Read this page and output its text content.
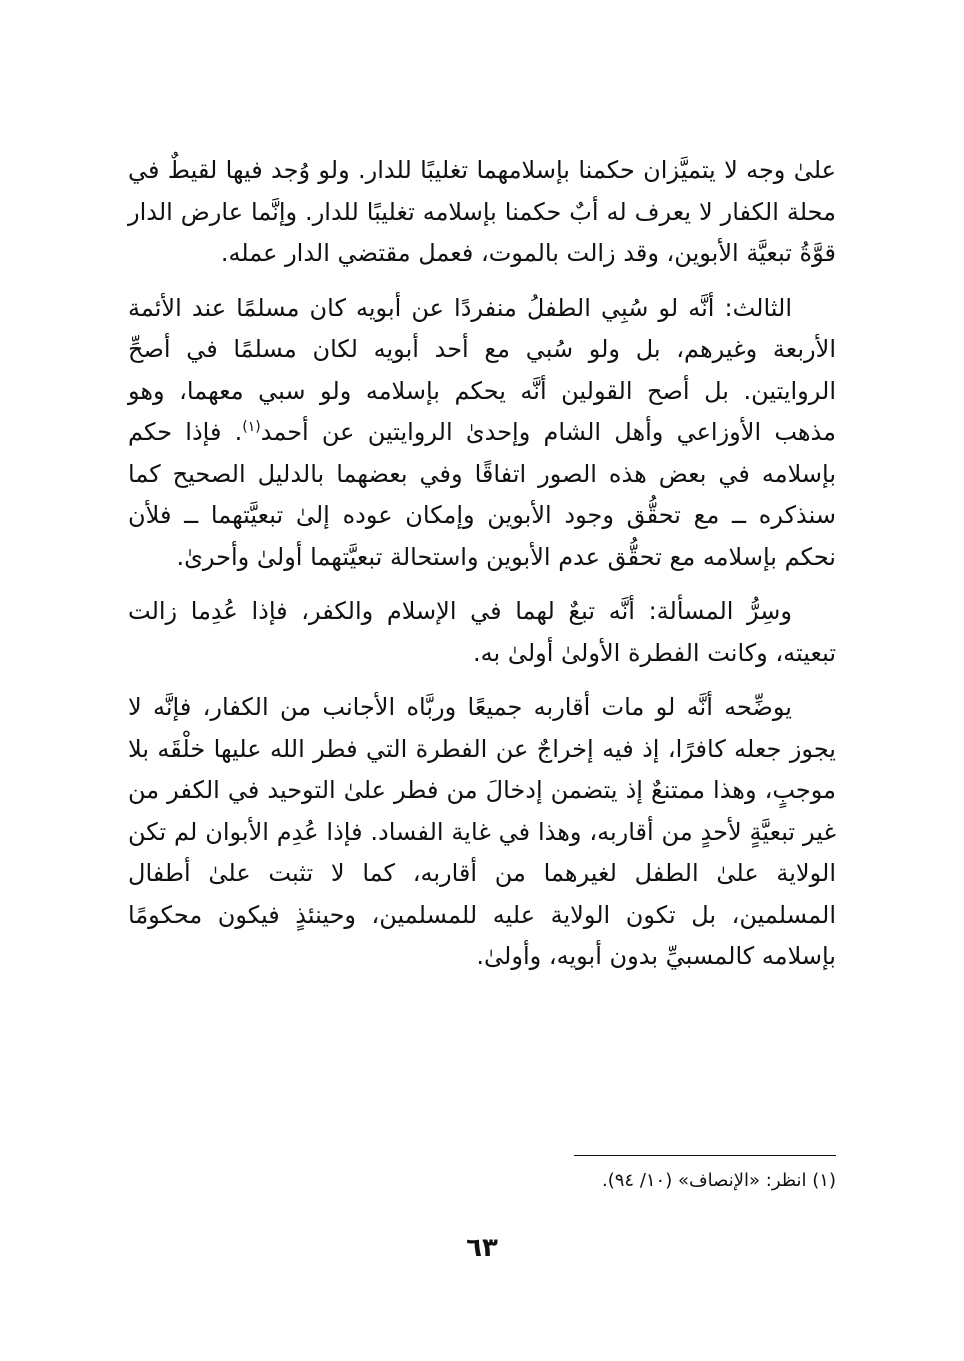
علىٰ وجه لا يتميَّزان حكمنا بإسلامهما تغليبًا للدار. ولو وُجد فيها لقيطٌ في محلة الكفار لا يعرف له أبٌ حكمنا بإسلامه تغليبًا للدار. وإنَّما عارض الدار قوَّةُ تبعيَّة الأبوين، وقد زالت بالموت، فعمل مقتضي الدار عمله.

الثالث: أنَّه لو سُبِي الطفلُ منفردًا عن أبويه كان مسلمًا عند الأئمة الأربعة وغيرهم، بل ولو سُبي مع أحد أبويه لكان مسلمًا في أصحِّ الروايتين. بل أصح القولين أنَّه يحكم بإسلامه ولو سبي معهما، وهو مذهب الأوزاعي وأهل الشام وإحدىٰ الروايتين عن أحمد$^{(١)}$. فإذا حكم بإسلامه في بعض هذه الصور اتفاقًا وفي بعضهما بالدليل الصحيح كما سنذكره ــ مع تحقُّق وجود الأبوين وإمكان عوده إلىٰ تبعيَّتهما ــ فلأن نحكم بإسلامه مع تحقُّق عدم الأبوين واستحالة تبعيَّتهما أولىٰ وأحرىٰ.

وسِرُّ المسألة: أنَّه تبعٌ لهما في الإسلام والكفر، فإذا عُدِما زالت تبعيته، وكانت الفطرة الأولىٰ أولىٰ به.

يوضِّحه أنَّه لو مات أقاربه جميعًا وربَّاه الأجانب من الكفار، فإنَّه لا يجوز جعله كافرًا، إذ فيه إخراجٌ عن الفطرة التي فطر الله عليها خلْقَه بلا موجبٍ، وهذا ممتنعٌ إذ يتضمن إدخالَ من فطر علىٰ التوحيد في الكفر من غير تبعيَّةٍ لأحدٍ من أقاربه، وهذا في غاية الفساد. فإذا عُدِم الأبوان لم تكن الولاية علىٰ الطفل لغيرهما من أقاربه، كما لا تثبت علىٰ أطفال المسلمين، بل تكون الولاية عليه للمسلمين، وحينئذٍ فيكون محكومًا بإسلامه كالمسبيِّ بدون أبويه، وأولىٰ.

(١) انظر: «الإنصاف» (١٠/ ٩٤).
٦٣
